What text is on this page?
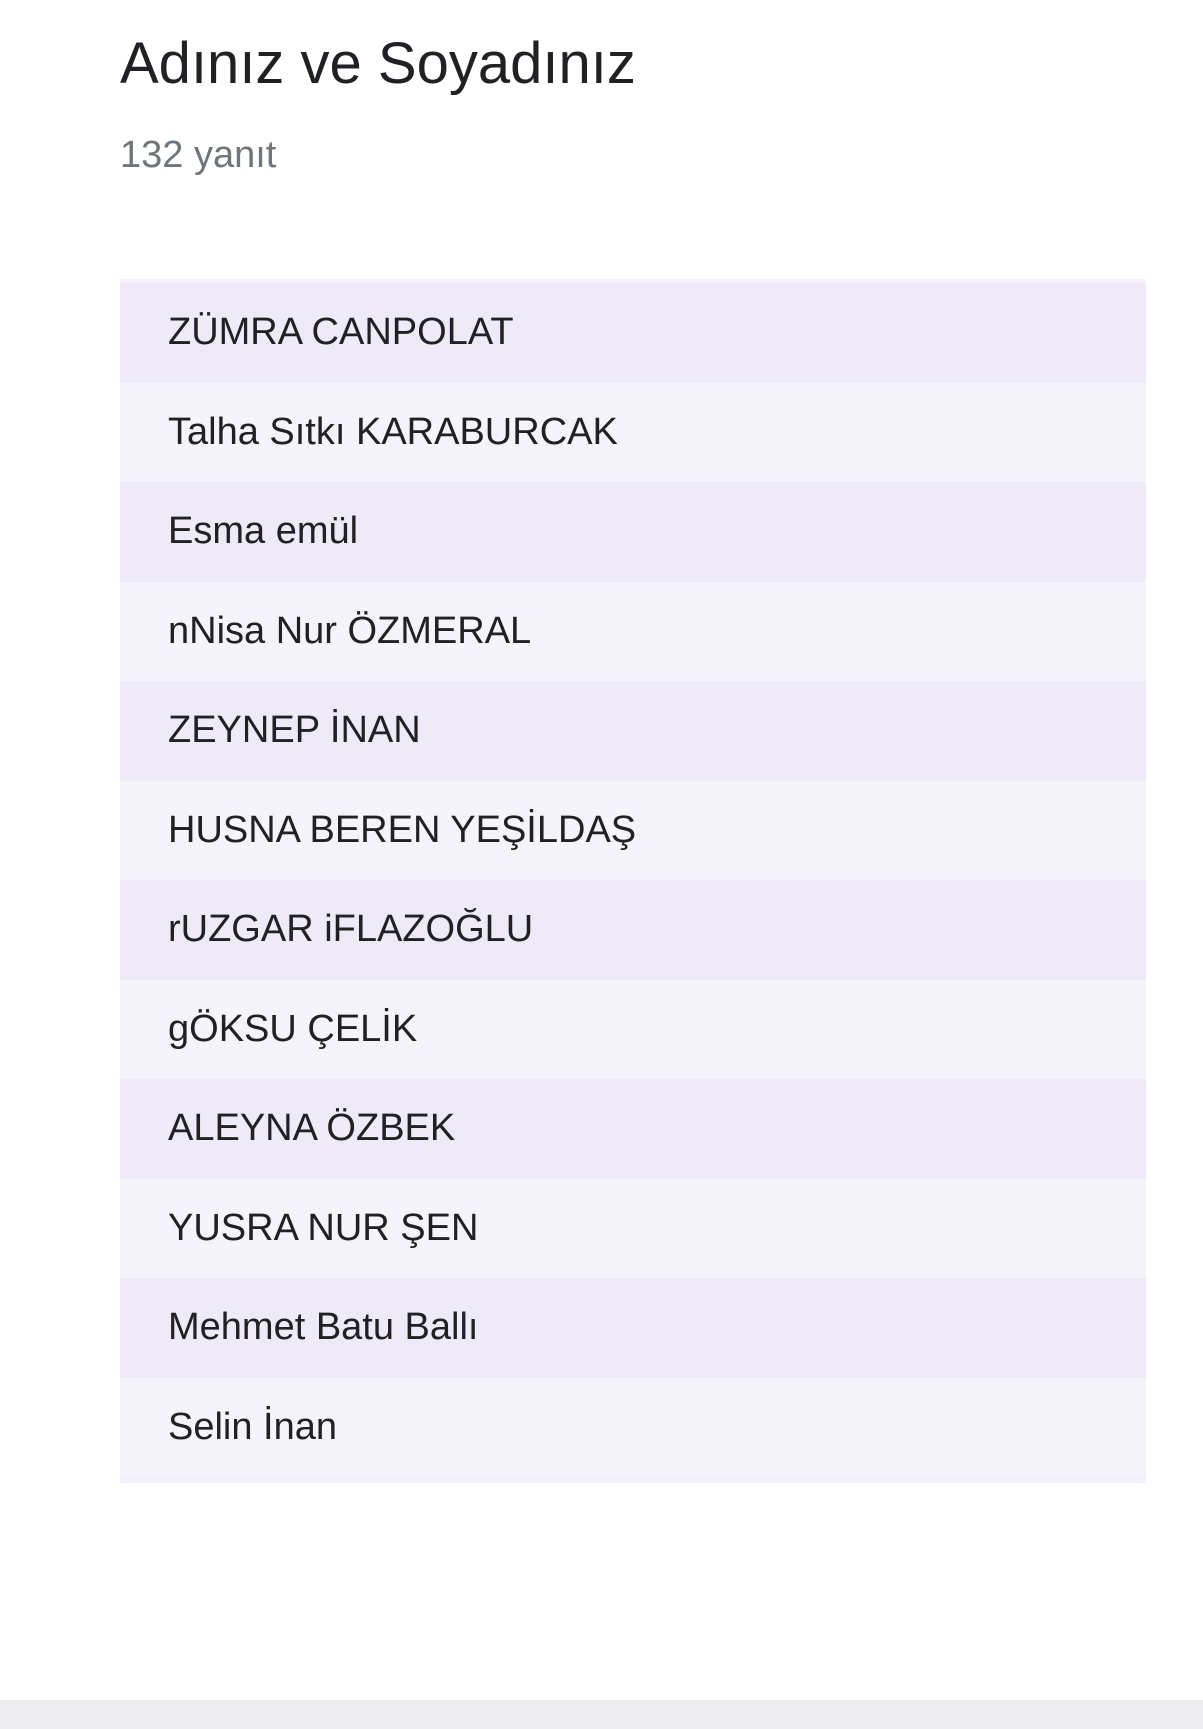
Adınız ve Soyadınız
132 yanıt
ZÜMRA CANPOLAT
Talha Sıtkı KARABURCAK
Esma emül
nNisa Nur ÖZMERAL
ZEYNEP İNAN
HUSNA BEREN YEŞİLDAŞ
rUZGAR iFLAZOĞLU
gÖKSU ÇELİK
ALEYNA ÖZBEK
YUSRA NUR ŞEN
Mehmet Batu Ballı
Selin İnan
